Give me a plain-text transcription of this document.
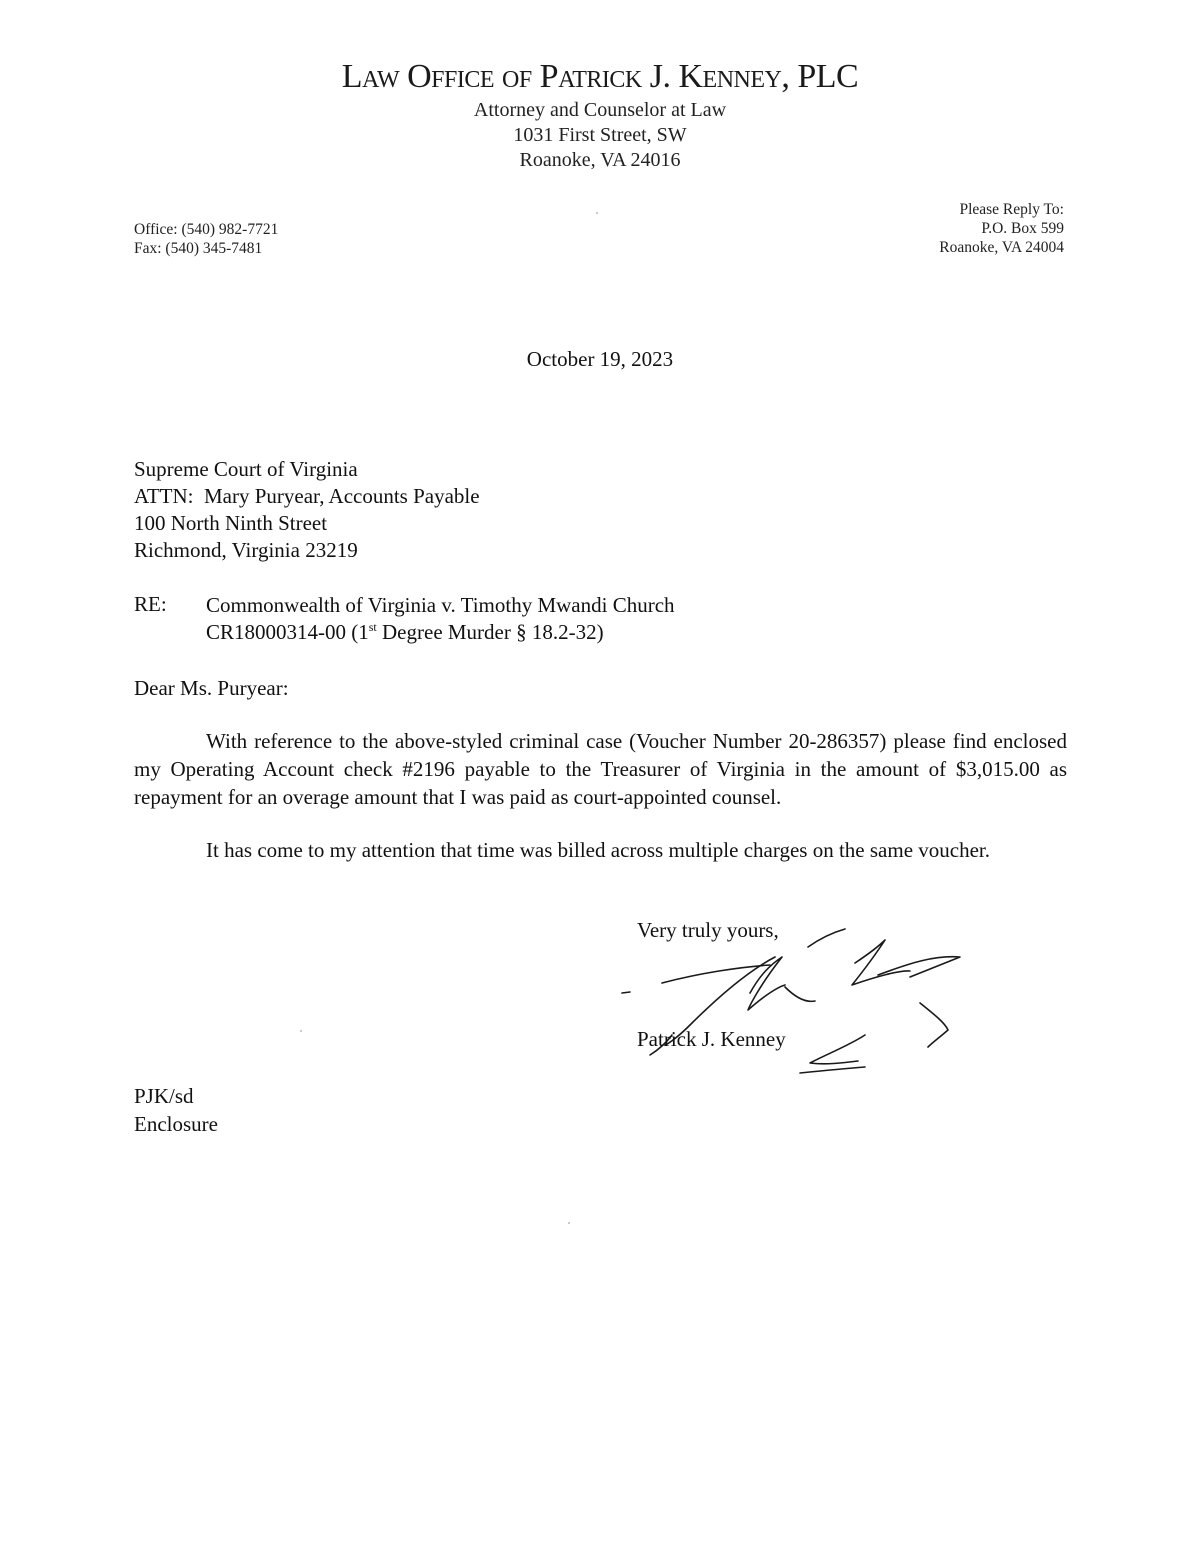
Law Office of Patrick J. Kenney, PLC

Attorney and Counselor at Law

1031 First Street, SW

Roanoke, VA 24016

Office: (540) 982-7721
Fax: (540) 345-7481
Please Reply To:
P.O. Box 599
Roanoke, VA 24004

October 19, 2023

Supreme Court of Virginia
ATTN:  Mary Puryear, Accounts Payable
100 North Ninth Street
Richmond, Virginia 23219
RE: Commonwealth of Virginia v. Timothy Mwandi Church
CR18000314-00 (1st Degree Murder § 18.2-32)

Dear Ms. Puryear:

With reference to the above-styled criminal case (Voucher Number 20-286357) please find enclosed my Operating Account check #2196 payable to the Treasurer of Virginia in the amount of $3,015.00 as repayment for an overage amount that I was paid as court-appointed counsel.

It has come to my attention that time was billed across multiple charges on the same voucher.

Very truly yours,

Patrick J. Kenney

PJK/sd
Enclosure
